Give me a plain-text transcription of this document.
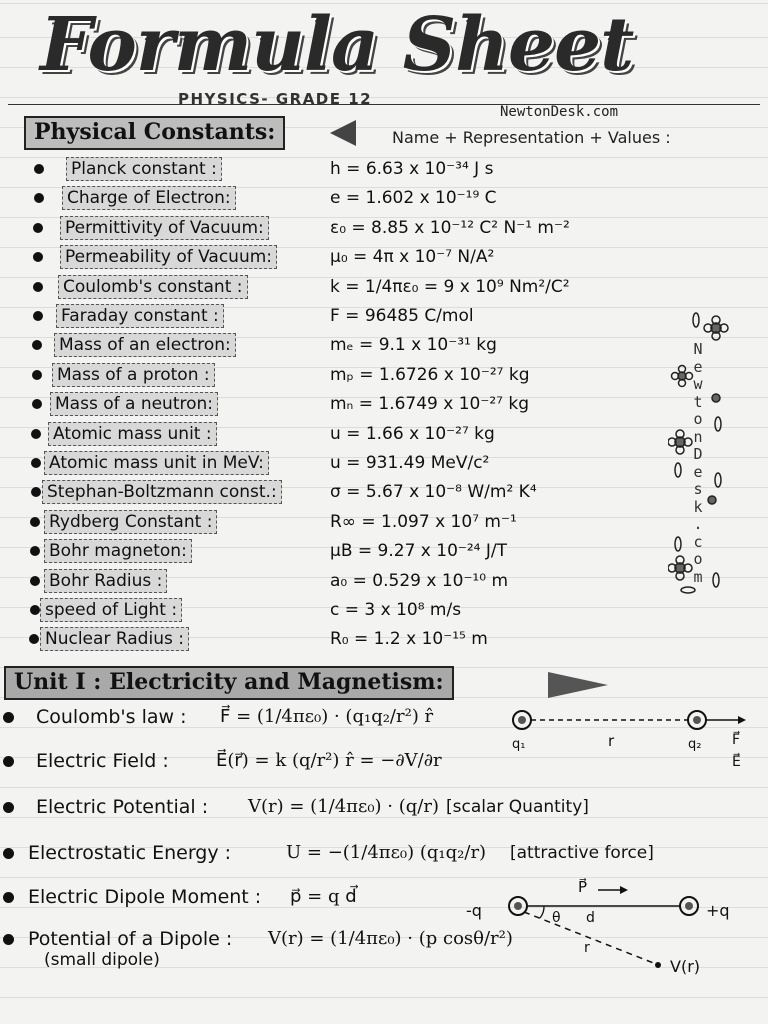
Formula Sheet
PHYSICS- GRADE 12
NewtonDesk.com
Physical Constants:	Name + Representation + Values :
Planck constant :	h = 6.63 x 10⁻³⁴ J s
Charge of Electron:	e = 1.602 x 10⁻¹⁹ C
Permittivity of Vacuum:	ε₀ = 8.85 x 10⁻¹² C² N⁻¹ m⁻²
Permeability of Vacuum:	μ₀ = 4π x 10⁻⁷ N/A²
Coulomb's constant :	k = 1/4πε₀ = 9 x 10⁹ Nm²/C²
Faraday constant :	F = 96485 C/mol
Mass of an electron:	mₑ = 9.1 x 10⁻³¹ kg
Mass of a proton :	mₚ = 1.6726 x 10⁻²⁷ kg
Mass of a neutron:	mₙ = 1.6749 x 10⁻²⁷ kg
Atomic mass unit :	u = 1.66 x 10⁻²⁷ kg
Atomic mass unit in MeV:	u = 931.49 MeV/c²
Stephan-Boltzmann const.:	σ = 5.67 x 10⁻⁸ W/m² K⁴
Rydberg Constant :	R∞ = 1.097 x 10⁷ m⁻¹
Bohr magneton:	μB = 9.27 x 10⁻²⁴ J/T
Bohr Radius :	a₀ = 0.529 x 10⁻¹⁰ m
speed of Light :	c = 3 x 10⁸ m/s
Nuclear Radius :	R₀ = 1.2 x 10⁻¹⁵ m
N
e
w
t
o
n
D
e
s
k
.
c
o
m
Unit I : Electricity and Magnetism:
Coulomb's law : F⃗ = (1/4πε₀) · (q₁q₂/r²) r̂
Electric Field :	E⃗(r⃗) = k (q/r²) r̂ = −∂V/∂r
Electric Potential : V(r) = (1/4πε₀) · (q/r) [scalar Quantity]
Electrostatic Energy :	U = −(1/4πε₀) (q₁q₂/r) [attractive force]
Electric Dipole Moment : p⃗ = q d⃗
Potential of a Dipole : V(r) = (1/4πε₀) · (p cosθ/r²)
(small dipole)
q₁	r	q₂ F⃗
E⃗
-q	+q
P⃗
d
θ
r
V(r)
